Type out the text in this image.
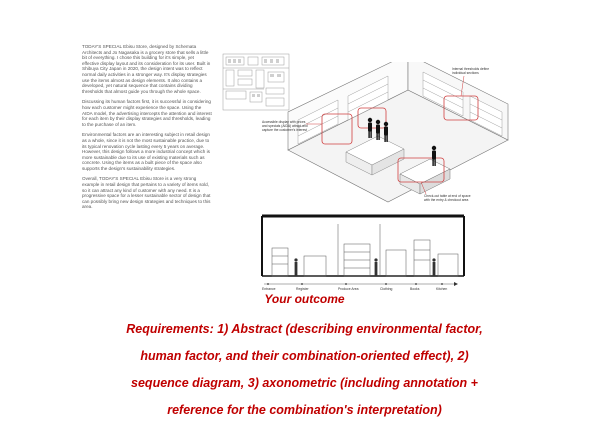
TODAY'S SPECIAL Ebisu Store, designed by Schemata Architects and Jo Nagasaka is a grocery store that sells a little bit of everything. I chose this building for it's simple, yet effective display layout and its consideration for its user. Built in Shibuya City Japan in 2020, the design intent was to reflect normal daily activities in a stronger way. It's display strategies use the items almost as design elements. It also contains a developed, yet natural sequence that contains dividing thresholds that almost guide you through the whole space.

Discussing its human factors first, it is successful in considering how each customer might experience the space. Using the AIDA model, the advertising intercepts the attention and interest for each item by their display strategies and thresholds, leading to the purchase of an item.

Environmental factors are an interesting subject in retail design as a whole, since it is not the most sustainable practice, due to its typical renovation cycle lasting every 5 years on average. However, this design follows a more industrial concept which is more sustainable due to its use of existing materials such as concrete. Using the items as a built piece of the space also supports the design's sustainability strategies.

Overall, TODAY'S SPECIAL Ebisu Store is a very strong example in retail design that pertains to a variety of items sold, so it can attract any kind of customer with any need. It is a progressive space for a lesser sustainable sector of design that can possibly bring new design strategies and techniques to this area.

Internal thresholds define individual sections
Accessible display with prices and specials (AIDA) attract and capture the customer's interest
Check-out table at end of space with the entry & checkout area
Entrance	Register	Produce Area	Clothing	Books	Kitchen
Your outcome
Requirements: 1) Abstract (describing environmental factor,
human factor, and their combination-oriented effect), 2)
sequence diagram, 3) axonometric (including annotation +
reference for the combination's interpretation)
